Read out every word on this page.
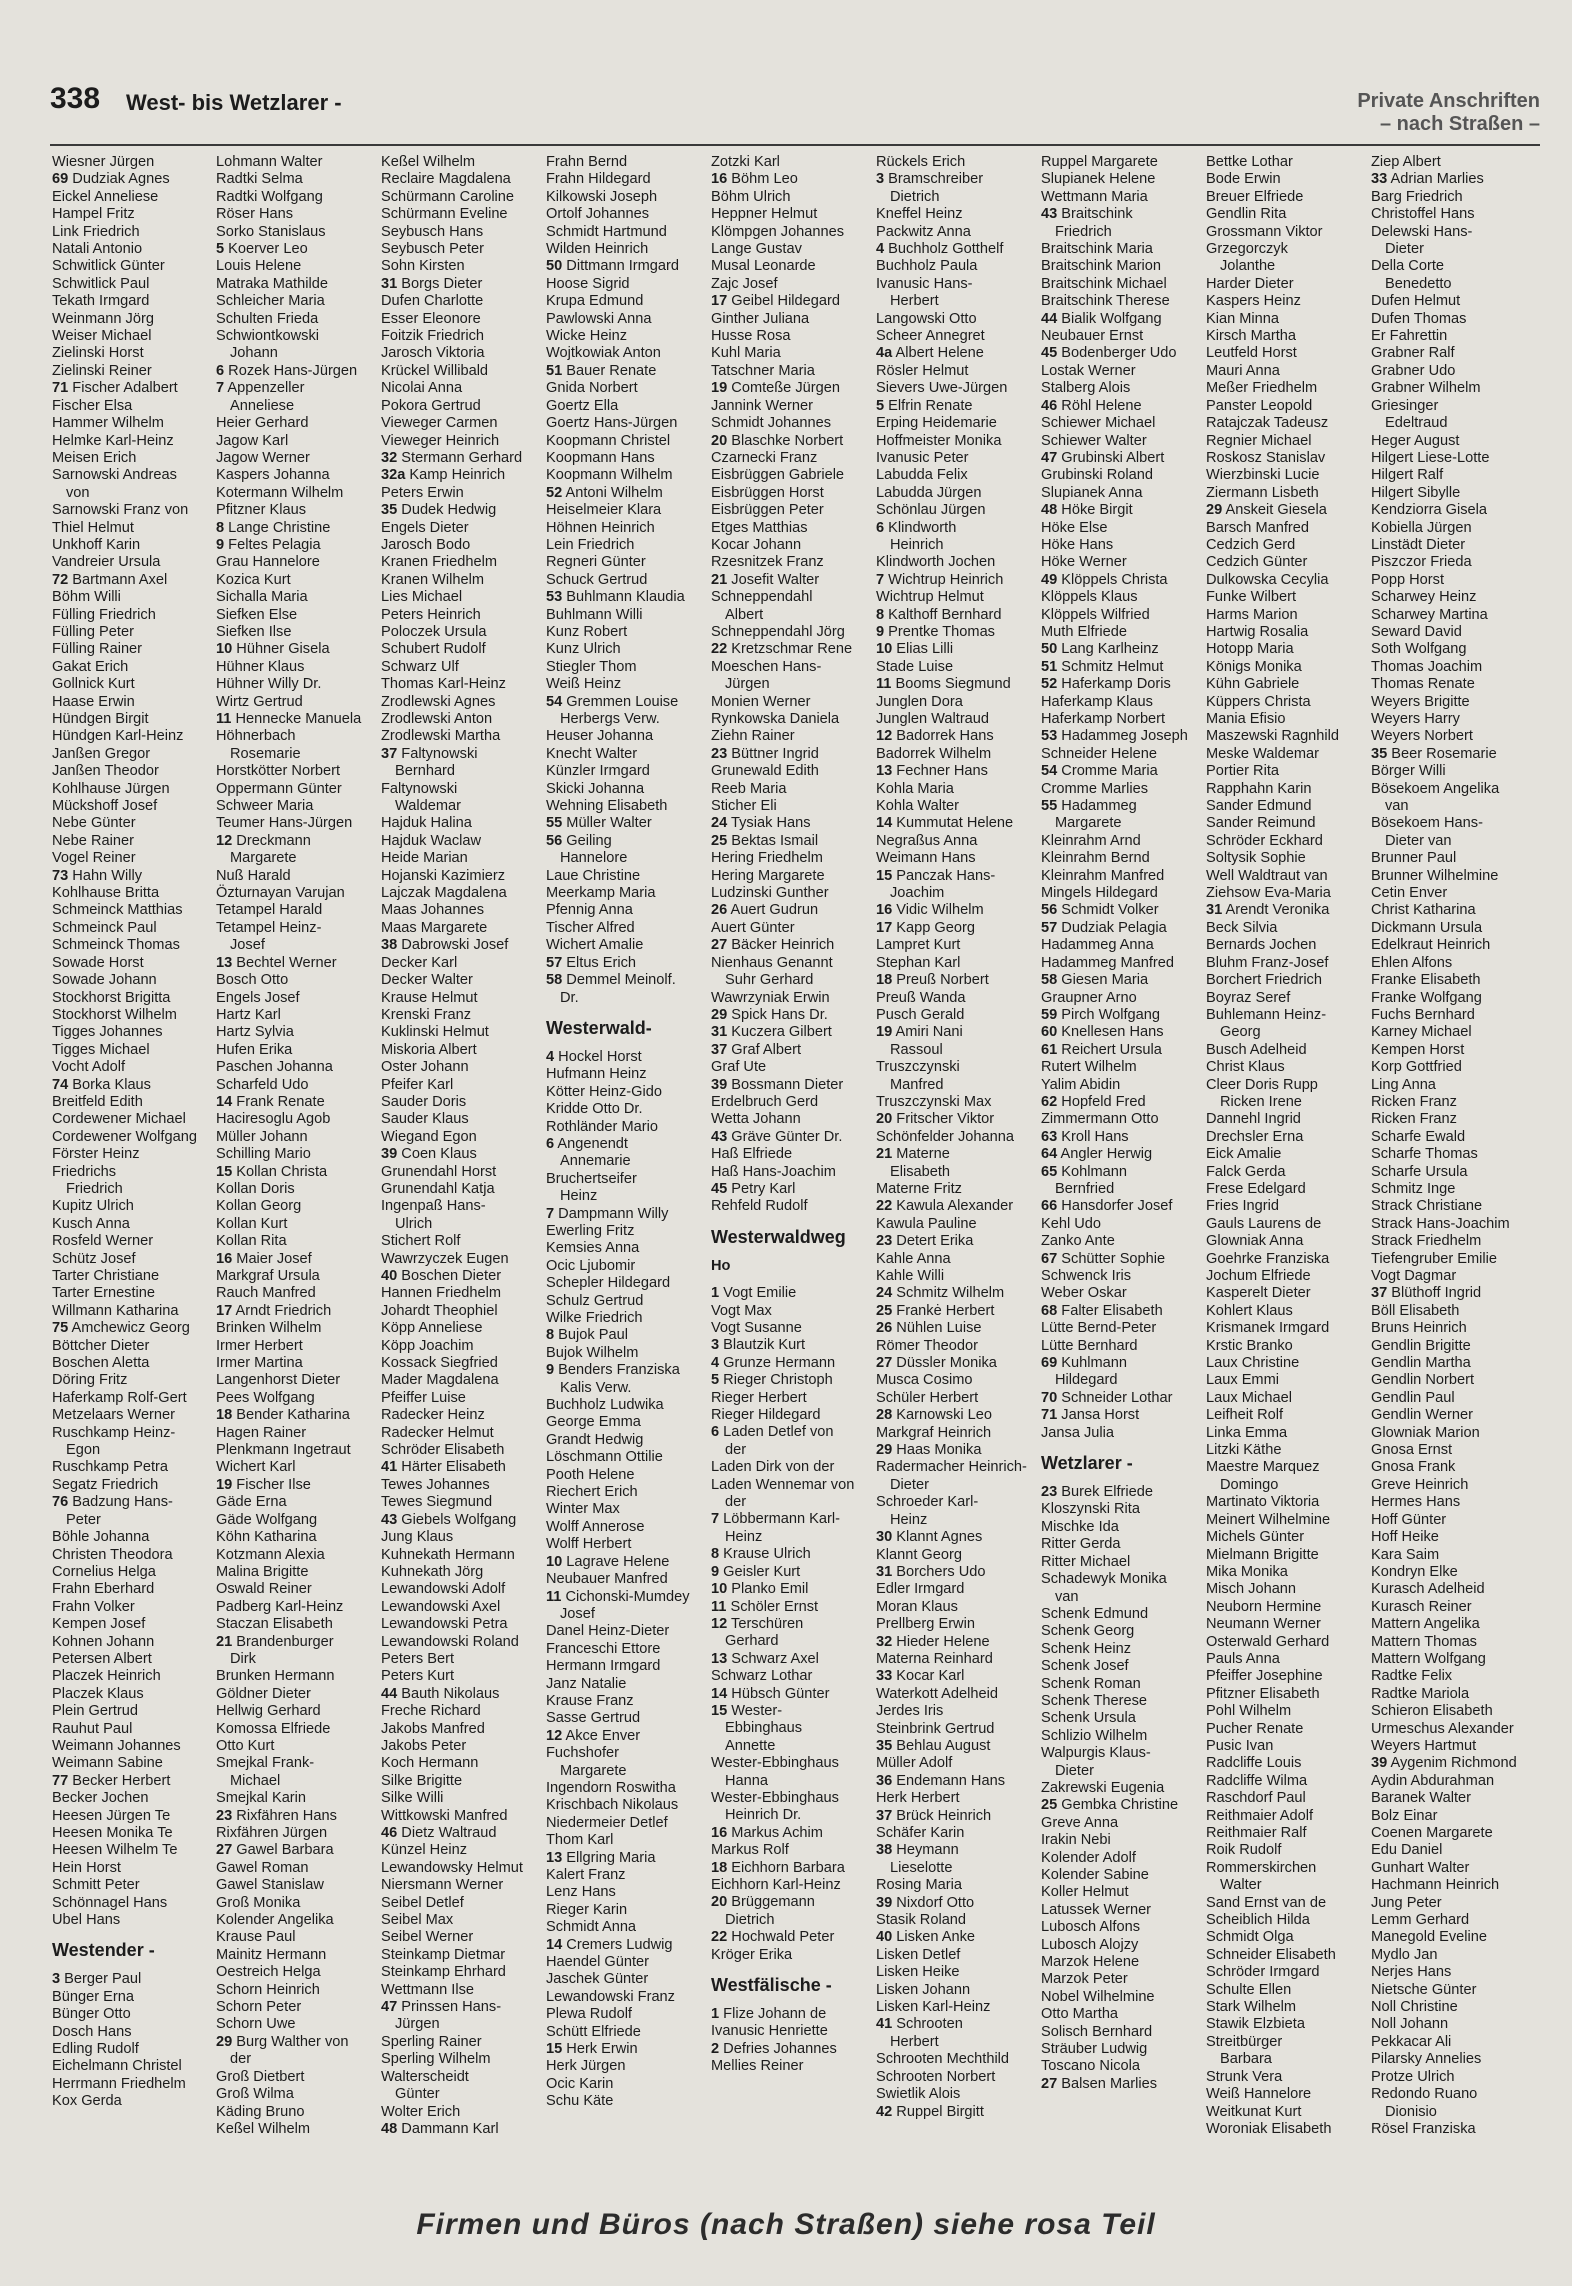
338 West- bis Wetzlarer -	Private Anschriften
– nach Straßen –
Wiesner Jürgen
69 Dudziak Agnes
Eickel Anneliese
Hampel Fritz
Link Friedrich
Natali Antonio
Schwitlick Günter
Schwitlick Paul
Tekath Irmgard
Weinmann Jörg
Weiser Michael
Zielinski Horst
Zielinski Reiner
71 Fischer Adalbert
Fischer Elsa
Hammer Wilhelm
Helmke Karl-Heinz
Meisen Erich
Sarnowski Andreas
von
Sarnowski Franz von
Thiel Helmut
Unkhoff Karin
Vandreier Ursula
72 Bartmann Axel
Böhm Willi
Fülling Friedrich
Fülling Peter
Fülling Rainer
Gakat Erich
Gollnick Kurt
Haase Erwin
Hündgen Birgit
Hündgen Karl-Heinz
Janßen Gregor
Janßen Theodor
Kohlhause Jürgen
Mückshoff Josef
Nebe Günter
Nebe Rainer
Vogel Reiner
73 Hahn Willy
Kohlhause Britta
Schmeinck Matthias
Schmeinck Paul
Schmeinck Thomas
Sowade Horst
Sowade Johann
Stockhorst Brigitta
Stockhorst Wilhelm
Tigges Johannes
Tigges Michael
Vocht Adolf
74 Borka Klaus
Breitfeld Edith
Cordewener Michael
Cordewener Wolfgang
Förster Heinz
Friedrichs
Friedrich
Kupitz Ulrich
Kusch Anna
Rosfeld Werner
Schütz Josef
Tarter Christiane
Tarter Ernestine
Willmann Katharina
75 Amchewicz Georg
Böttcher Dieter
Boschen Aletta
Döring Fritz
Haferkamp Rolf-Gert
Metzelaars Werner
Ruschkamp Heinz-
Egon
Ruschkamp Petra
Segatz Friedrich
76 Badzung Hans-
Peter
Böhle Johanna
Christen Theodora
Cornelius Helga
Frahn Eberhard
Frahn Volker
Kempen Josef
Kohnen Johann
Petersen Albert
Placzek Heinrich
Placzek Klaus
Plein Gertrud
Rauhut Paul
Weimann Johannes
Weimann Sabine
77 Becker Herbert
Becker Jochen
Heesen Jürgen Te
Heesen Monika Te
Heesen Wilhelm Te
Hein Horst
Schmitt Peter
Schönnagel Hans
Ubel Hans
Westender -
3 Berger Paul
Bünger Erna
Bünger Otto
Dosch Hans
Edling Rudolf
Eichelmann Christel
Herrmann Friedhelm
Kox Gerda
Lohmann Walter
Radtki Selma
Radtki Wolfgang
Röser Hans
Sorko Stanislaus
5 Koerver Leo
Louis Helene
Matraka Mathilde
Schleicher Maria
Schulten Frieda
Schwiontkowski
Johann
6 Rozek Hans-Jürgen
7 Appenzeller
Anneliese
Heier Gerhard
Jagow Karl
Jagow Werner
Kaspers Johanna
Kotermann Wilhelm
Pfitzner Klaus
8 Lange Christine
9 Feltes Pelagia
Grau Hannelore
Kozica Kurt
Sichalla Maria
Siefken Else
Siefken Ilse
10 Hühner Gisela
Hühner Klaus
Hühner Willy Dr.
Wirtz Gertrud
11 Hennecke Manuela
Höhnerbach
Rosemarie
Horstkötter Norbert
Oppermann Günter
Schweer Maria
Teumer Hans-Jürgen
12 Dreckmann
Margarete
Nuß Harald
Özturnayan Varujan
Tetampel Harald
Tetampel Heinz-
Josef
13 Bechtel Werner
Bosch Otto
Engels Josef
Hartz Karl
Hartz Sylvia
Hufen Erika
Paschen Johanna
Scharfeld Udo
14 Frank Renate
Haciresoglu Agob
Müller Johann
Schilling Mario
15 Kollan Christa
Kollan Doris
Kollan Georg
Kollan Kurt
Kollan Rita
16 Maier Josef
Markgraf Ursula
Rauch Manfred
17 Arndt Friedrich
Brinken Wilhelm
Irmer Herbert
Irmer Martina
Langenhorst Dieter
Pees Wolfgang
18 Bender Katharina
Hagen Rainer
Plenkmann Ingetraut
Wichert Karl
19 Fischer Ilse
Gäde Erna
Gäde Wolfgang
Köhn Katharina
Kotzmann Alexia
Malina Brigitte
Oswald Reiner
Padberg Karl-Heinz
Staczan Elisabeth
21 Brandenburger
Dirk
Brunken Hermann
Göldner Dieter
Hellwig Gerhard
Komossa Elfriede
Otto Kurt
Smejkal Frank-
Michael
Smejkal Karin
23 Rixfähren Hans
Rixfähren Jürgen
27 Gawel Barbara
Gawel Roman
Gawel Stanislaw
Groß Monika
Kolender Angelika
Krause Paul
Mainitz Hermann
Oestreich Helga
Schorn Heinrich
Schorn Peter
Schorn Uwe
29 Burg Walther von
der
Groß Dietbert
Groß Wilma
Käding Bruno
Keßel Wilhelm
Keßel Wilhelm
Reclaire Magdalena
Schürmann Caroline
Schürmann Eveline
Seybusch Hans
Seybusch Peter
Sohn Kirsten
31 Borgs Dieter
Dufen Charlotte
Esser Eleonore
Foitzik Friedrich
Jarosch Viktoria
Krückel Willibald
Nicolai Anna
Pokora Gertrud
Vieweger Carmen
Vieweger Heinrich
32 Stermann Gerhard
32a Kamp Heinrich
Peters Erwin
35 Dudek Hedwig
Engels Dieter
Jarosch Bodo
Kranen Friedhelm
Kranen Wilhelm
Lies Michael
Peters Heinrich
Poloczek Ursula
Schubert Rudolf
Schwarz Ulf
Thomas Karl-Heinz
Zrodlewski Agnes
Zrodlewski Anton
Zrodlewski Martha
37 Faltynowski
Bernhard
Faltynowski
Waldemar
Hajduk Halina
Hajduk Waclaw
Heide Marian
Hojanski Kazimierz
Lajczak Magdalena
Maas Johannes
Maas Margarete
38 Dabrowski Josef
Decker Karl
Decker Walter
Krause Helmut
Krenski Franz
Kuklinski Helmut
Miskoria Albert
Oster Johann
Pfeifer Karl
Sauder Doris
Sauder Klaus
Wiegand Egon
39 Coen Klaus
Grunendahl Horst
Grunendahl Katja
Ingenpaß Hans-
Ulrich
Stichert Rolf
Wawrzyczek Eugen
40 Boschen Dieter
Hannen Friedhelm
Johardt Theophiel
Köpp Anneliese
Köpp Joachim
Kossack Siegfried
Mader Magdalena
Pfeiffer Luise
Radecker Heinz
Radecker Helmut
Schröder Elisabeth
41 Härter Elisabeth
Tewes Johannes
Tewes Siegmund
43 Giebels Wolfgang
Jung Klaus
Kuhnekath Hermann
Kuhnekath Jörg
Lewandowski Adolf
Lewandowski Axel
Lewandowski Petra
Lewandowski Roland
Peters Bert
Peters Kurt
44 Bauth Nikolaus
Freche Richard
Jakobs Manfred
Jakobs Peter
Koch Hermann
Silke Brigitte
Silke Willi
Wittkowski Manfred
46 Dietz Waltraud
Künzel Heinz
Lewandowsky Helmut
Niersmann Werner
Seibel Detlef
Seibel Max
Seibel Werner
Steinkamp Dietmar
Steinkamp Ehrhard
Wettmann Ilse
47 Prinssen Hans-
Jürgen
Sperling Rainer
Sperling Wilhelm
Walterscheidt
Günter
Wolter Erich
48 Dammann Karl
Frahn Bernd
Frahn Hildegard
Kilkowski Joseph
Ortolf Johannes
Schmidt Hartmund
Wilden Heinrich
50 Dittmann Irmgard
Hoose Sigrid
Krupa Edmund
Pawlowski Anna
Wicke Heinz
Wojtkowiak Anton
51 Bauer Renate
Gnida Norbert
Goertz Ella
Goertz Hans-Jürgen
Koopmann Christel
Koopmann Hans
Koopmann Wilhelm
52 Antoni Wilhelm
Heiselmeier Klara
Höhnen Heinrich
Lein Friedrich
Regneri Günter
Schuck Gertrud
53 Buhlmann Klaudia
Buhlmann Willi
Kunz Robert
Kunz Ulrich
Stiegler Thom
Weiß Heinz
54 Gremmen Louise
Herbergs Verw.
Heuser Johanna
Knecht Walter
Künzler Irmgard
Skicki Johanna
Wehning Elisabeth
55 Müller Walter
56 Geiling
Hannelore
Laue Christine
Meerkamp Maria
Pfennig Anna
Tischer Alfred
Wichert Amalie
57 Eltus Erich
58 Demmel Meinolf.
Dr.
Westerwald-
4 Hockel Horst
Hufmann Heinz
Kötter Heinz-Gido
Kridde Otto Dr.
Rothländer Mario
6 Angenendt
Annemarie
Bruchertseifer
Heinz
7 Dampmann Willy
Ewerling Fritz
Kemsies Anna
Ocic Ljubomir
Schepler Hildegard
Schulz Gertrud
Wilke Friedrich
8 Bujok Paul
Bujok Wilhelm
9 Benders Franziska
Kalis Verw.
Buchholz Ludwika
George Emma
Grandt Hedwig
Löschmann Ottilie
Pooth Helene
Riechert Erich
Winter Max
Wolff Annerose
Wolff Herbert
10 Lagrave Helene
Neubauer Manfred
11 Cichonski-Mumdey
Josef
Danel Heinz-Dieter
Franceschi Ettore
Hermann Irmgard
Janz Natalie
Krause Franz
Sasse Gertrud
12 Akce Enver
Fuchshofer
Margarete
Ingendorn Roswitha
Krischbach Nikolaus
Niedermeier Detlef
Thom Karl
13 Ellgring Maria
Kalert Franz
Lenz Hans
Rieger Karin
Schmidt Anna
14 Cremers Ludwig
Haendel Günter
Jaschek Günter
Lewandowski Franz
Plewa Rudolf
Schütt Elfriede
15 Herk Erwin
Herk Jürgen
Ocic Karin
Schu Käte
Zotzki Karl
16 Böhm Leo
Böhm Ulrich
Heppner Helmut
Klömpgen Johannes
Lange Gustav
Musal Leonarde
Zajc Josef
17 Geibel Hildegard
Ginther Juliana
Husse Rosa
Kuhl Maria
Tatschner Maria
19 Comteße Jürgen
Jannink Werner
Schmidt Johannes
20 Blaschke Norbert
Czarnecki Franz
Eisbrüggen Gabriele
Eisbrüggen Horst
Eisbrüggen Peter
Etges Matthias
Kocar Johann
Rzesnitzek Franz
21 Josefit Walter
Schneppendahl
Albert
Schneppendahl Jörg
22 Kretzschmar Rene
Moeschen Hans-
Jürgen
Monien Werner
Rynkowska Daniela
Ziehn Rainer
23 Büttner Ingrid
Grunewald Edith
Reeb Maria
Sticher Eli
24 Tysiak Hans
25 Bektas Ismail
Hering Friedhelm
Hering Margarete
Ludzinski Gunther
26 Auert Gudrun
Auert Günter
27 Bäcker Heinrich
Nienhaus Genannt
Suhr Gerhard
Wawrzyniak Erwin
29 Spick Hans Dr.
31 Kuczera Gilbert
37 Graf Albert
Graf Ute
39 Bossmann Dieter
Erdelbruch Gerd
Wetta Johann
43 Gräve Günter Dr.
Haß Elfriede
Haß Hans-Joachim
45 Petry Karl
Rehfeld Rudolf
Westerwaldweg
Ho
1 Vogt Emilie
Vogt Max
Vogt Susanne
3 Blautzik Kurt
4 Grunze Hermann
5 Rieger Christoph
Rieger Herbert
Rieger Hildegard
6 Laden Detlef von
der
Laden Dirk von der
Laden Wennemar von
der
7 Löbbermann Karl-
Heinz
8 Krause Ulrich
9 Geisler Kurt
10 Planko Emil
11 Schöler Ernst
12 Terschüren
Gerhard
13 Schwarz Axel
Schwarz Lothar
14 Hübsch Günter
15 Wester-
Ebbinghaus
Annette
Wester-Ebbinghaus
Hanna
Wester-Ebbinghaus
Heinrich Dr.
16 Markus Achim
Markus Rolf
18 Eichhorn Barbara
Eichhorn Karl-Heinz
20 Brüggemann
Dietrich
22 Hochwald Peter
Kröger Erika
Westfälische -
1 Flize Johann de
Ivanusic Henriette
2 Defries Johannes
Mellies Reiner
Rückels Erich
3 Bramschreiber
Dietrich
Kneffel Heinz
Packwitz Anna
4 Buchholz Gotthelf
Buchholz Paula
Ivanusic Hans-
Herbert
Langowski Otto
Scheer Annegret
4a Albert Helene
Rösler Helmut
Sievers Uwe-Jürgen
5 Elfrin Renate
Erping Heidemarie
Hoffmeister Monika
Ivanusic Peter
Labudda Felix
Labudda Jürgen
Schönlau Jürgen
6 Klindworth
Heinrich
Klindworth Jochen
7 Wichtrup Heinrich
Wichtrup Helmut
8 Kalthoff Bernhard
9 Prentke Thomas
10 Elias Lilli
Stade Luise
11 Booms Siegmund
Junglen Dora
Junglen Waltraud
12 Badorrek Hans
Badorrek Wilhelm
13 Fechner Hans
Kohla Maria
Kohla Walter
14 Kummutat Helene
Negraßus Anna
Weimann Hans
15 Panczak Hans-
Joachim
16 Vidic Wilhelm
17 Kapp Georg
Lampret Kurt
Stephan Karl
18 Preuß Norbert
Preuß Wanda
Pusch Gerald
19 Amiri Nani
Rassoul
Truszczynski
Manfred
Truszczynski Max
20 Fritscher Viktor
Schönfelder Johanna
21 Materne
Elisabeth
Materne Fritz
22 Kawula Alexander
Kawula Pauline
23 Detert Erika
Kahle Anna
Kahle Willi
24 Schmitz Wilhelm
25 Frankė Herbert
26 Nühlen Luise
Römer Theodor
27 Düssler Monika
Musca Cosimo
Schüler Herbert
28 Karnowski Leo
Markgraf Heinrich
29 Haas Monika
Radermacher Heinrich-
Dieter
Schroeder Karl-
Heinz
30 Klannt Agnes
Klannt Georg
31 Borchers Udo
Edler Irmgard
Moran Klaus
Prellberg Erwin
32 Hieder Helene
Materna Reinhard
33 Kocar Karl
Waterkott Adelheid
Jerdes Iris
Steinbrink Gertrud
35 Behlau August
Müller Adolf
36 Endemann Hans
Herk Herbert
37 Brück Heinrich
Schäfer Karin
38 Heymann
Lieselotte
Rosing Maria
39 Nixdorf Otto
Stasik Roland
40 Lisken Anke
Lisken Detlef
Lisken Heike
Lisken Johann
Lisken Karl-Heinz
41 Schrooten
Herbert
Schrooten Mechthild
Schrooten Norbert
Swietlik Alois
42 Ruppel Birgitt
Ruppel Margarete
Slupianek Helene
Wettmann Maria
43 Braitschink
Friedrich
Braitschink Maria
Braitschink Marion
Braitschink Michael
Braitschink Therese
44 Bialik Wolfgang
Neubauer Ernst
45 Bodenberger Udo
Lostak Werner
Stalberg Alois
46 Röhl Helene
Schiewer Michael
Schiewer Walter
47 Grubinski Albert
Grubinski Roland
Slupianek Anna
48 Höke Birgit
Höke Else
Höke Hans
Höke Werner
49 Klöppels Christa
Klöppels Klaus
Klöppels Wilfried
Muth Elfriede
50 Lang Karlheinz
51 Schmitz Helmut
52 Haferkamp Doris
Haferkamp Klaus
Haferkamp Norbert
53 Hadammeg Joseph
Schneider Helene
54 Cromme Maria
Cromme Marlies
55 Hadammeg
Margarete
Kleinrahm Arnd
Kleinrahm Bernd
Kleinrahm Manfred
Mingels Hildegard
56 Schmidt Volker
57 Dudziak Pelagia
Hadammeg Anna
Hadammeg Manfred
58 Giesen Maria
Graupner Arno
59 Pirch Wolfgang
60 Knellesen Hans
61 Reichert Ursula
Rutert Wilhelm
Yalim Abidin
62 Hopfeld Fred
Zimmermann Otto
63 Kroll Hans
64 Angler Herwig
65 Kohlmann
Bernfried
66 Hansdorfer Josef
Kehl Udo
Zanko Ante
67 Schütter Sophie
Schwenck Iris
Weber Oskar
68 Falter Elisabeth
Lütte Bernd-Peter
Lütte Bernhard
69 Kuhlmann
Hildegard
70 Schneider Lothar
71 Jansa Horst
Jansa Julia
Wetzlarer -
23 Burek Elfriede
Kloszynski Rita
Mischke Ida
Ritter Gerda
Ritter Michael
Schadewyk Monika
van
Schenk Edmund
Schenk Georg
Schenk Heinz
Schenk Josef
Schenk Roman
Schenk Therese
Schenk Ursula
Schlizio Wilhelm
Walpurgis Klaus-
Dieter
Zakrewski Eugenia
25 Gembka Christine
Greve Anna
Irakin Nebi
Kolender Adolf
Kolender Sabine
Koller Helmut
Latussek Werner
Lubosch Alfons
Lubosch Alojzy
Marzok Helene
Marzok Peter
Nobel Wilhelmine
Otto Martha
Solisch Bernhard
Sträuber Ludwig
Toscano Nicola
27 Balsen Marlies
Bettke Lothar
Bode Erwin
Breuer Elfriede
Gendlin Rita
Grossmann Viktor
Grzegorczyk
Jolanthe
Harder Dieter
Kaspers Heinz
Kian Minna
Kirsch Martha
Leutfeld Horst
Mauri Anna
Meßer Friedhelm
Panster Leopold
Ratajczak Tadeusz
Regnier Michael
Roskosz Stanislav
Wierzbinski Lucie
Ziermann Lisbeth
29 Anskeit Giesela
Barsch Manfred
Cedzich Gerd
Cedzich Günter
Dulkowska Cecylia
Funke Wilbert
Harms Marion
Hartwig Rosalia
Hotopp Maria
Königs Monika
Kühn Gabriele
Küppers Christa
Mania Efisio
Maszewski Ragnhild
Meske Waldemar
Portier Rita
Rapphahn Karin
Sander Edmund
Sander Reimund
Schröder Eckhard
Soltysik Sophie
Well Waldtraut van
Ziehsow Eva-Maria
31 Arendt Veronika
Beck Silvia
Bernards Jochen
Bluhm Franz-Josef
Borchert Friedrich
Boyraz Seref
Buhlemann Heinz-
Georg
Busch Adelheid
Christ Klaus
Cleer Doris Rupp
Ricken Irene
Dannehl Ingrid
Drechsler Erna
Eick Amalie
Falck Gerda
Frese Edelgard
Fries Ingrid
Gauls Laurens de
Glowniak Anna
Goehrke Franziska
Jochum Elfriede
Kasperelt Dieter
Kohlert Klaus
Krismanek Irmgard
Krstic Branko
Laux Christine
Laux Emmi
Laux Michael
Leifheit Rolf
Linka Emma
Litzki Käthe
Maestre Marquez
Domingo
Martinato Viktoria
Meinert Wilhelmine
Michels Günter
Mielmann Brigitte
Mika Monika
Misch Johann
Neuborn Hermine
Neumann Werner
Osterwald Gerhard
Pauls Anna
Pfeiffer Josephine
Pfitzner Elisabeth
Pohl Wilhelm
Pucher Renate
Pusic Ivan
Radcliffe Louis
Radcliffe Wilma
Raschdorf Paul
Reithmaier Adolf
Reithmaier Ralf
Roik Rudolf
Rommerskirchen
Walter
Sand Ernst van de
Scheiblich Hilda
Schmidt Olga
Schneider Elisabeth
Schröder Irmgard
Schulte Ellen
Stark Wilhelm
Stawik Elzbieta
Streitbürger
Barbara
Strunk Vera
Weiß Hannelore
Weitkunat Kurt
Woroniak Elisabeth
Ziep Albert
33 Adrian Marlies
Barg Friedrich
Christoffel Hans
Delewski Hans-
Dieter
Della Corte
Benedetto
Dufen Helmut
Dufen Thomas
Er Fahrettin
Grabner Ralf
Grabner Udo
Grabner Wilhelm
Griesinger
Edeltraud
Heger August
Hilgert Liese-Lotte
Hilgert Ralf
Hilgert Sibylle
Kendziorra Gisela
Kobiella Jürgen
Linstädt Dieter
Piszczor Frieda
Popp Horst
Scharwey Heinz
Scharwey Martina
Seward David
Soth Wolfgang
Thomas Joachim
Thomas Renate
Weyers Brigitte
Weyers Harry
Weyers Norbert
35 Beer Rosemarie
Börger Willi
Bösekoem Angelika
van
Bösekoem Hans-
Dieter van
Brunner Paul
Brunner Wilhelmine
Cetin Enver
Christ Katharina
Dickmann Ursula
Edelkraut Heinrich
Ehlen Alfons
Franke Elisabeth
Franke Wolfgang
Fuchs Bernhard
Karney Michael
Kempen Horst
Korp Gottfried
Ling Anna
Ricken Franz
Ricken Franz
Scharfe Ewald
Scharfe Thomas
Scharfe Ursula
Schmitz Inge
Strack Christiane
Strack Hans-Joachim
Strack Friedhelm
Tiefengruber Emilie
Vogt Dagmar
37 Blüthoff Ingrid
Böll Elisabeth
Bruns Heinrich
Gendlin Brigitte
Gendlin Martha
Gendlin Norbert
Gendlin Paul
Gendlin Werner
Glowniak Marion
Gnosa Ernst
Gnosa Frank
Greve Heinrich
Hermes Hans
Hoff Günter
Hoff Heike
Kara Saim
Kondryn Elke
Kurasch Adelheid
Kurasch Reiner
Mattern Angelika
Mattern Thomas
Mattern Wolfgang
Radtke Felix
Radtke Mariola
Schieron Elisabeth
Urmeschus Alexander
Weyers Hartmut
39 Aygenim Richmond
Aydin Abdurahman
Baranek Walter
Bolz Einar
Coenen Margarete
Edu Daniel
Gunhart Walter
Hachmann Heinrich
Jung Peter
Lemm Gerhard
Manegold Eveline
Mydlo Jan
Nerjes Hans
Nietsche Günter
Noll Christine
Noll Johann
Pekkacar Ali
Pilarsky Annelies
Protze Ulrich
Redondo Ruano
Dionisio
Rösel Franziska
Firmen und Büros (nach Straßen) siehe rosa Teil
